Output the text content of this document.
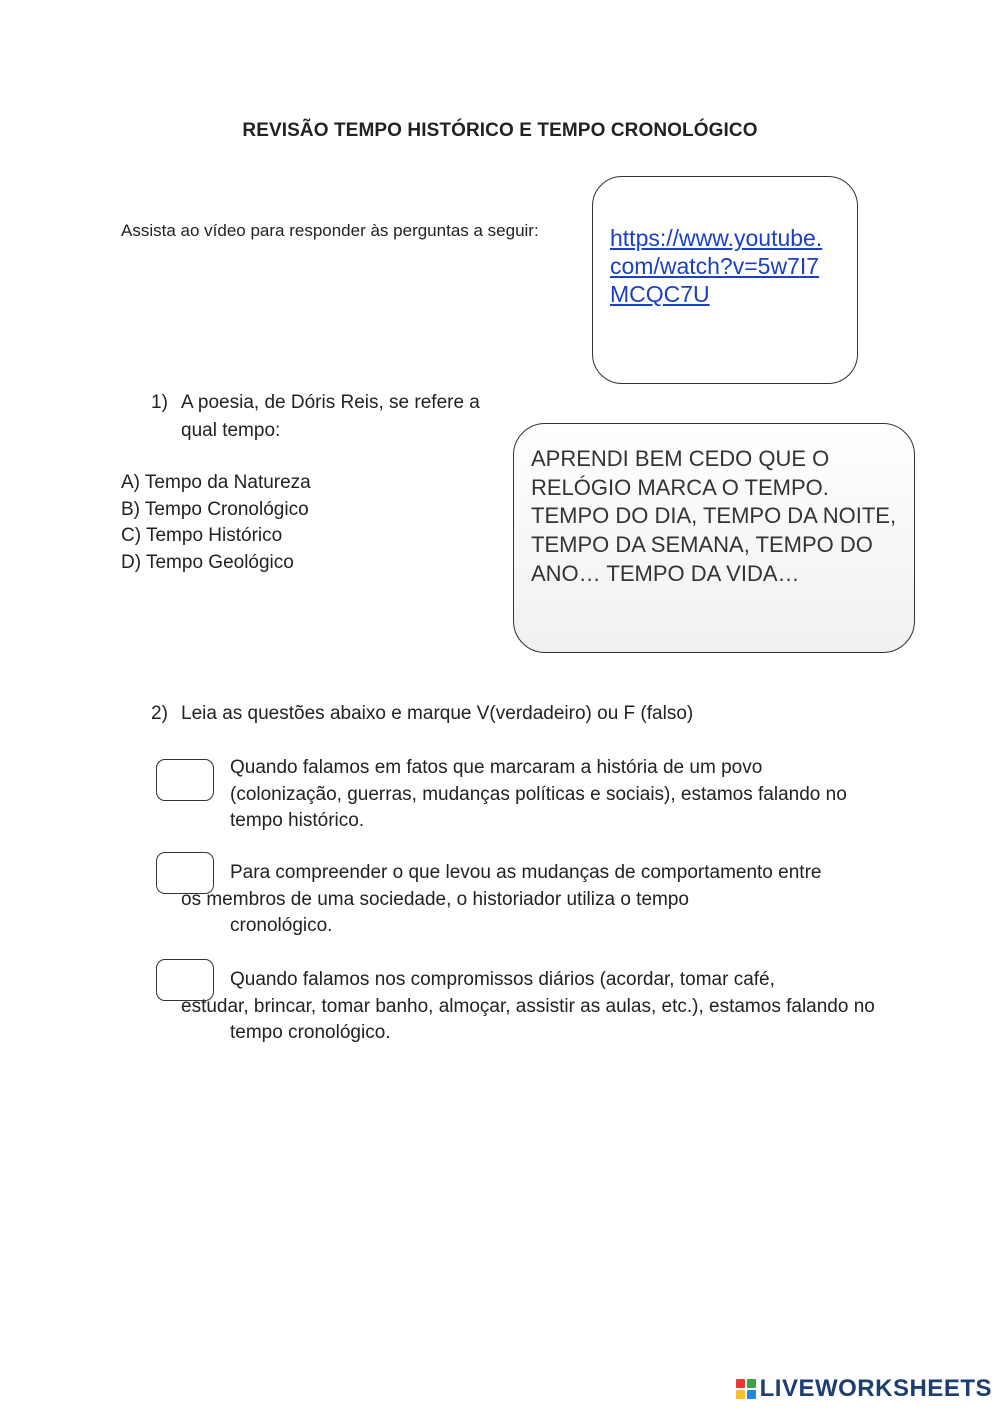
REVISÃO TEMPO HISTÓRICO E TEMPO CRONOLÓGICO
Assista ao vídeo para responder às perguntas a seguir:	https://www.youtube.com/watch?v=5w7I7MCQC7U
1) A poesia, de Dóris Reis, se refere a qual tempo:
A) Tempo da Natureza
B) Tempo Cronológico
C) Tempo Histórico
D) Tempo Geológico
APRENDI BEM CEDO QUE O RELÓGIO MARCA O TEMPO. TEMPO DO DIA, TEMPO DA NOITE, TEMPO DA SEMANA, TEMPO DO ANO… TEMPO DA VIDA…
2) Leia as questões abaixo e marque V(verdadeiro) ou F (falso)
Quando falamos em fatos que marcaram a história de um povo
(colonização, guerras, mudanças políticas e sociais), estamos falando no tempo histórico.
Para compreender o que levou as mudanças de comportamento entre
os membros de uma sociedade, o historiador utiliza o tempo cronológico.
Quando falamos nos compromissos diários (acordar, tomar café,
estudar, brincar, tomar banho, almoçar, assistir as aulas, etc.), estamos falando no tempo cronológico.
LIVEWORKSHEETS
